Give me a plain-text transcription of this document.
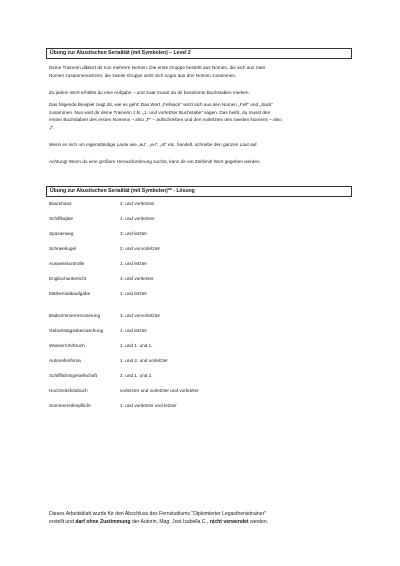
Übung zur Akustischen Serialität (mit Symbolen) – Level 2

Deine Trainerin diktiert dir nun mehrere Nomen. Die erste Gruppe besteht aus Nomen, die sich aus zwei
Nomen zusammensetzen, die zweite Gruppe setzt sich sogar aus drei Nomen zusammen.

Zu jedem Wort erhältst du eine Aufgabe – und zwar musst du dir bestimmte Buchstaben merken.

Das folgende Beispiel zeigt dir, wie es geht: Das Wort „Fellsack“ setzt sich aus den Nomen „Fell“ und „Sack“
zusammen. Nun wird dir deine Trainerin z.B. „1. und vorletzter Buchstabe“ sagen. Das heißt, du musst den
ersten Buchstaben des ersten Nomens – also „F“ – aufschreiben und den vorletzten des zweiten Nomens – also
„l“.

Wenn es sich um eigenständige Laute wie „au“, „eu“, „st“ etc. handelt, schreibe den ganzen Laut auf.

Achtung! Wenn du eine größere Herausforderung suchst, kann dir ein Zeitlimit/ Wort gegeben werden.

Übung zur Akustischen Serialität (mit Symbolen)** - Lösung
Baumhaus	2. und vorletztes
Schiffkajüte	1. und vorletztes
Spazierweg	3. und letzter
Schneekugel	2. und vorvorletzter
Ausweiskontrolle	1. und letzter
Englischunterricht	3. und vorletzter
Mathematikaufgabe	1. und letzter
Badezimmerrenovierung	3. und vorvorletzter
Geburtstagsüberraschung	1. und letzter
Wasserrohrbruch	1. und 1. und 1.
Autoreifenfirma	1. und 2. und vorletzter
Schifffahrtsgesellschaft	2. und 1. und 2.
Hochzeitsfotobuch	vorletzter und vorletzter und vorletzter
Sommerreifenpflicht	1. und vorletzter und letzter

Dieses Arbeitsblatt wurde für den Abschluss des Fernstudiums "Diplomierter Legasthenietrainer"

erstellt und darf ohne Zustimmung der Autorin, Mag. Jost Isabella C., nicht verwendet werden.
